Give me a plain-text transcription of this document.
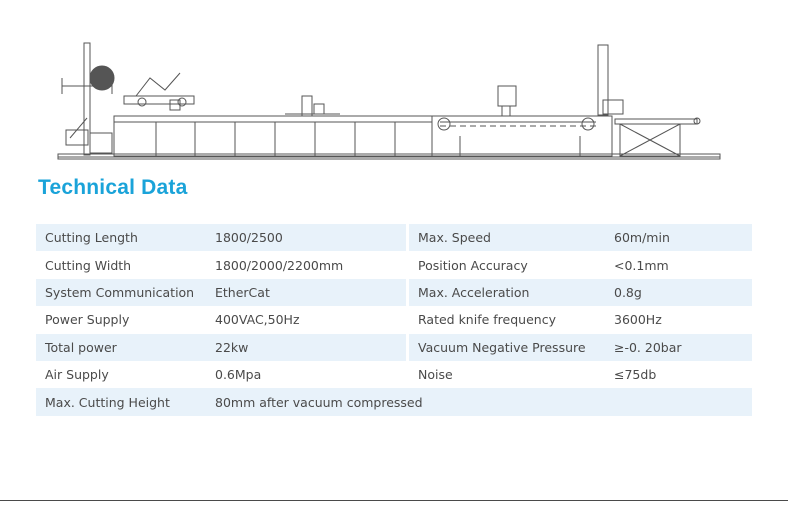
Technical Data
Cutting Length	1800/2500		Max. Speed	60m/min
Cutting Width	1800/2000/2200mm		Position Accuracy	<0.1mm
System Communication	EtherCat		Max. Acceleration	0.8g
Power Supply	400VAC,50Hz		Rated knife frequency	3600Hz
Total power	22kw		Vacuum Negative Pressure	≥-0. 20bar
Air Supply	0.6Mpa		Noise	≤75db
Max. Cutting Height	80mm after vacuum compressed			
